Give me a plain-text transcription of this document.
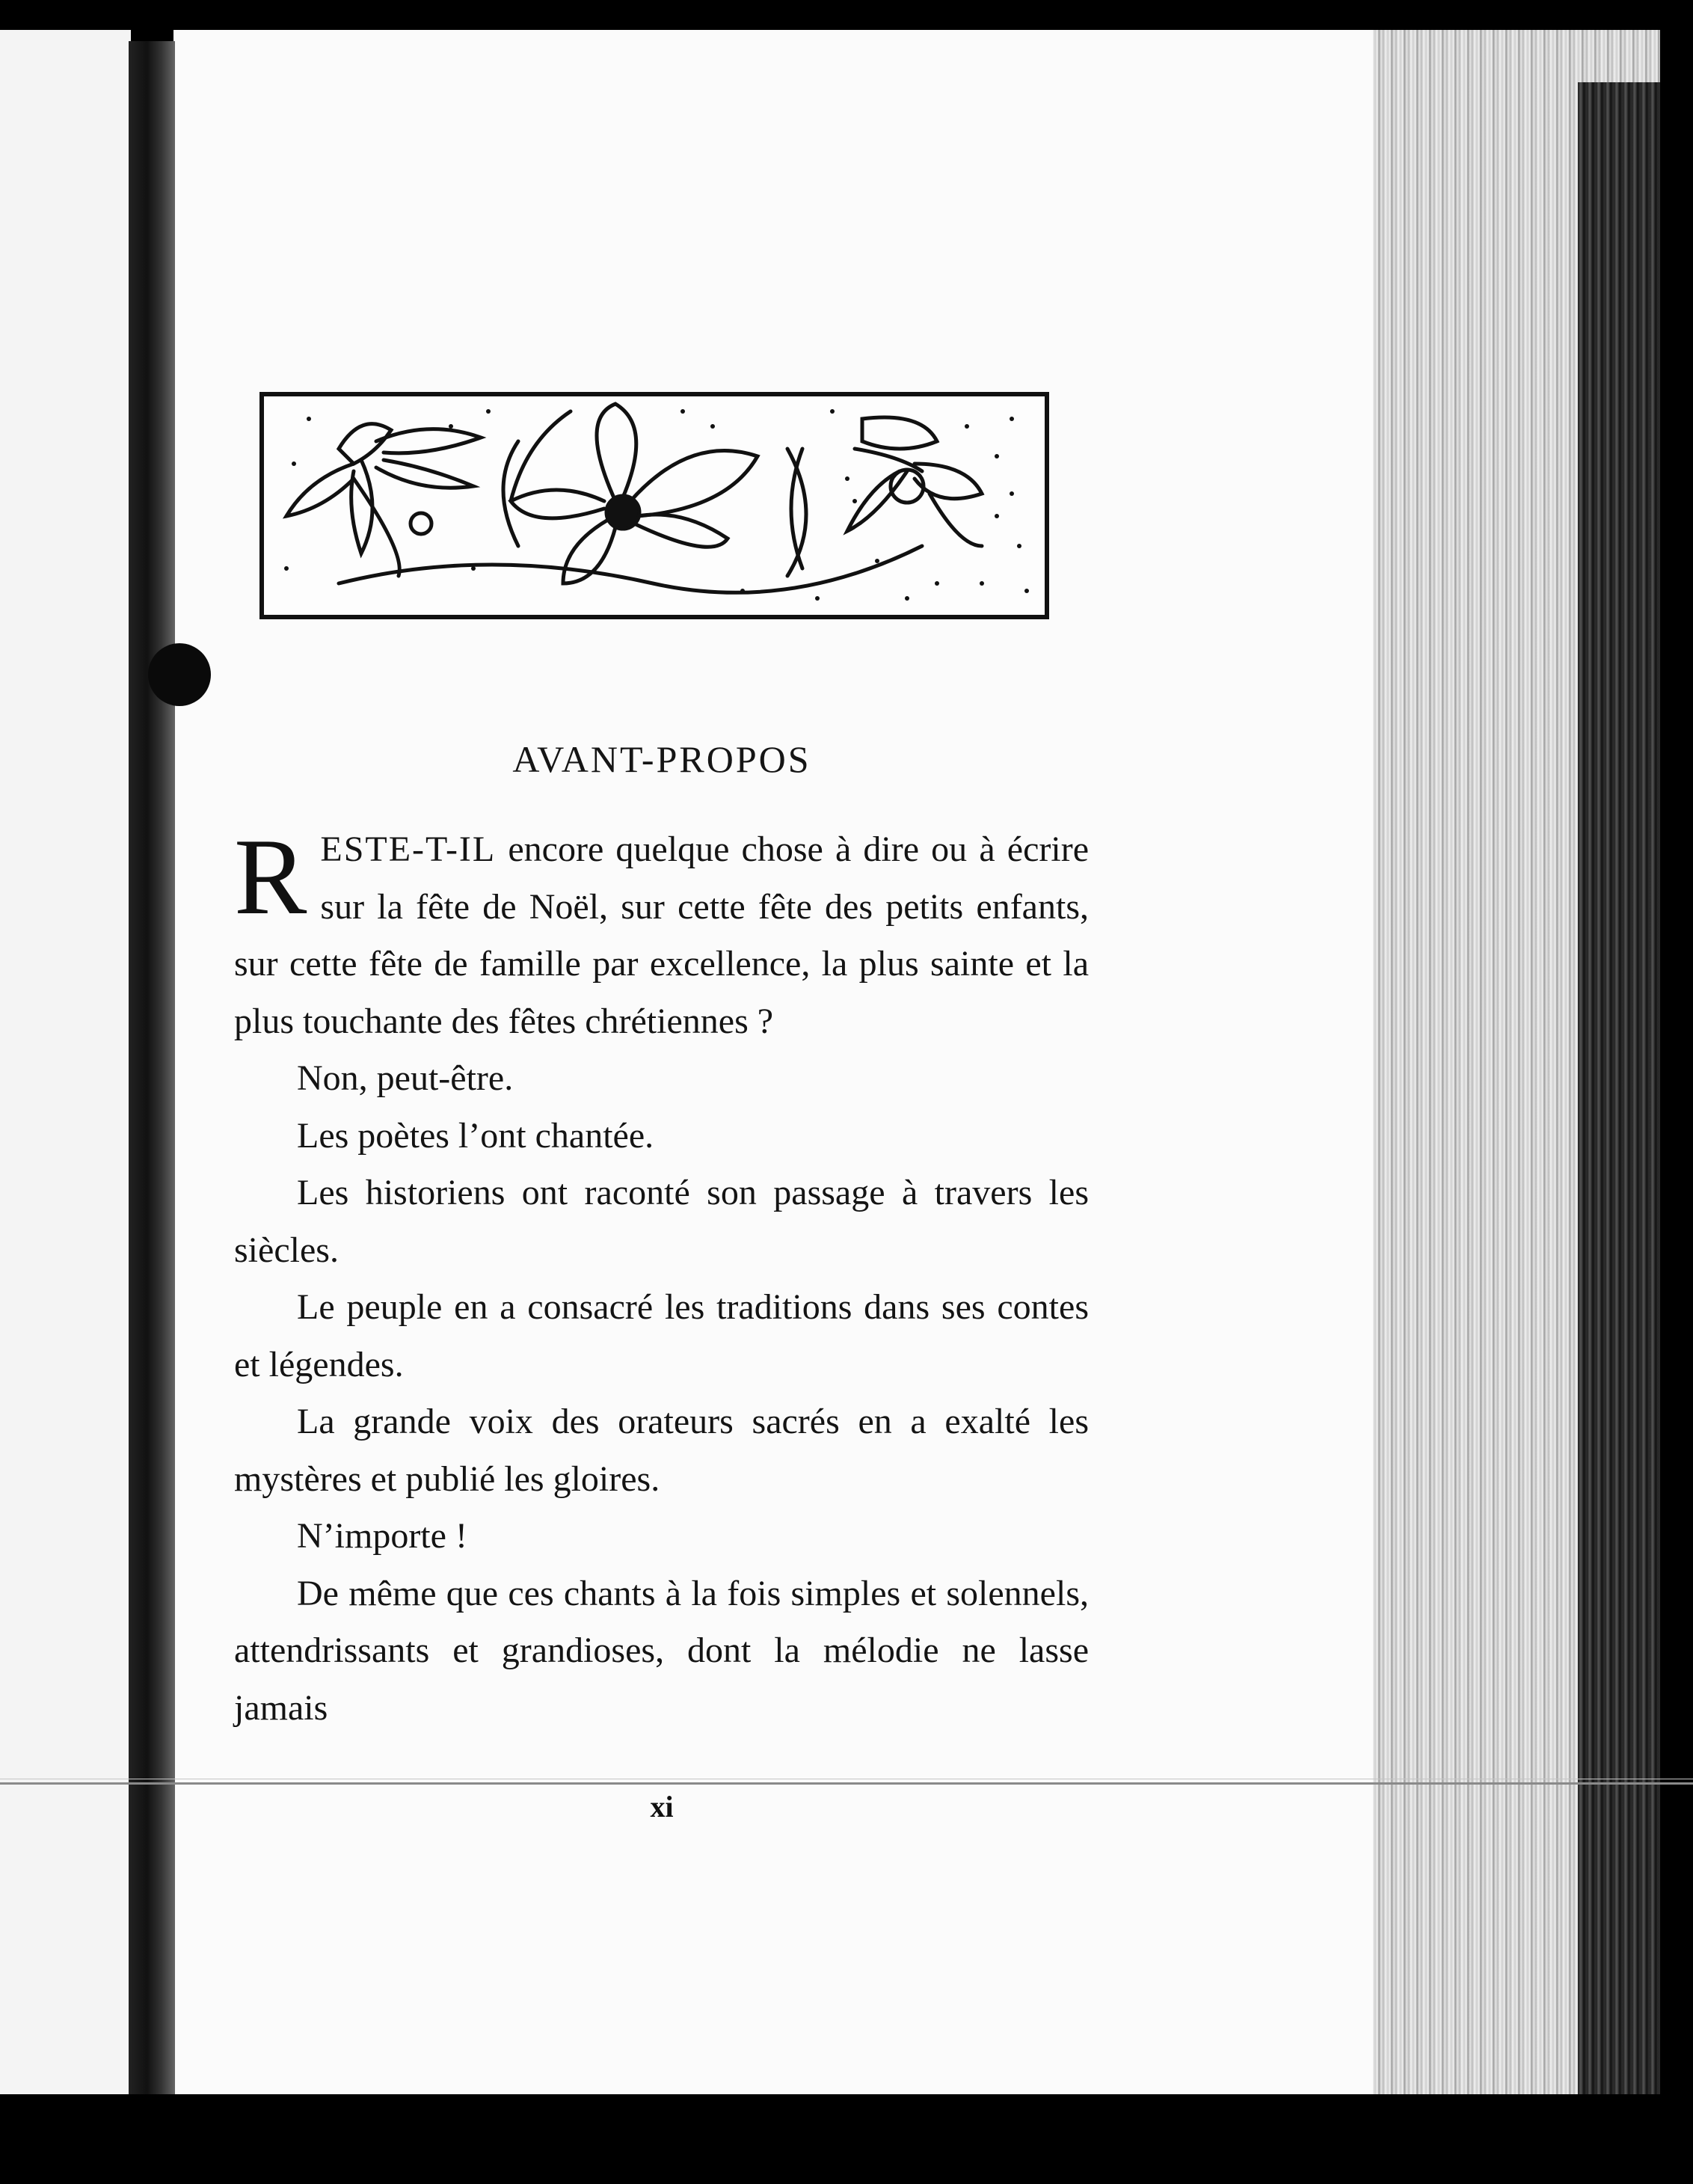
AVANT-PROPOS

RESTE-T-IL encore quelque chose à dire ou à écrire sur la fête de Noël, sur cette fête des petits enfants, sur cette fête de famille par excellence, la plus sainte et la plus touchante des fêtes chrétiennes ?

Non, peut-être.

Les poètes l’ont chantée.

Les historiens ont raconté son passage à travers les siècles.

Le peuple en a consacré les traditions dans ses contes et légendes.

La grande voix des orateurs sacrés en a exalté les mystères et publié les gloires.

N’importe !

De même que ces chants à la fois simples et solennels, attendrissants et grandioses, dont la mélodie ne lasse jamais

xi
